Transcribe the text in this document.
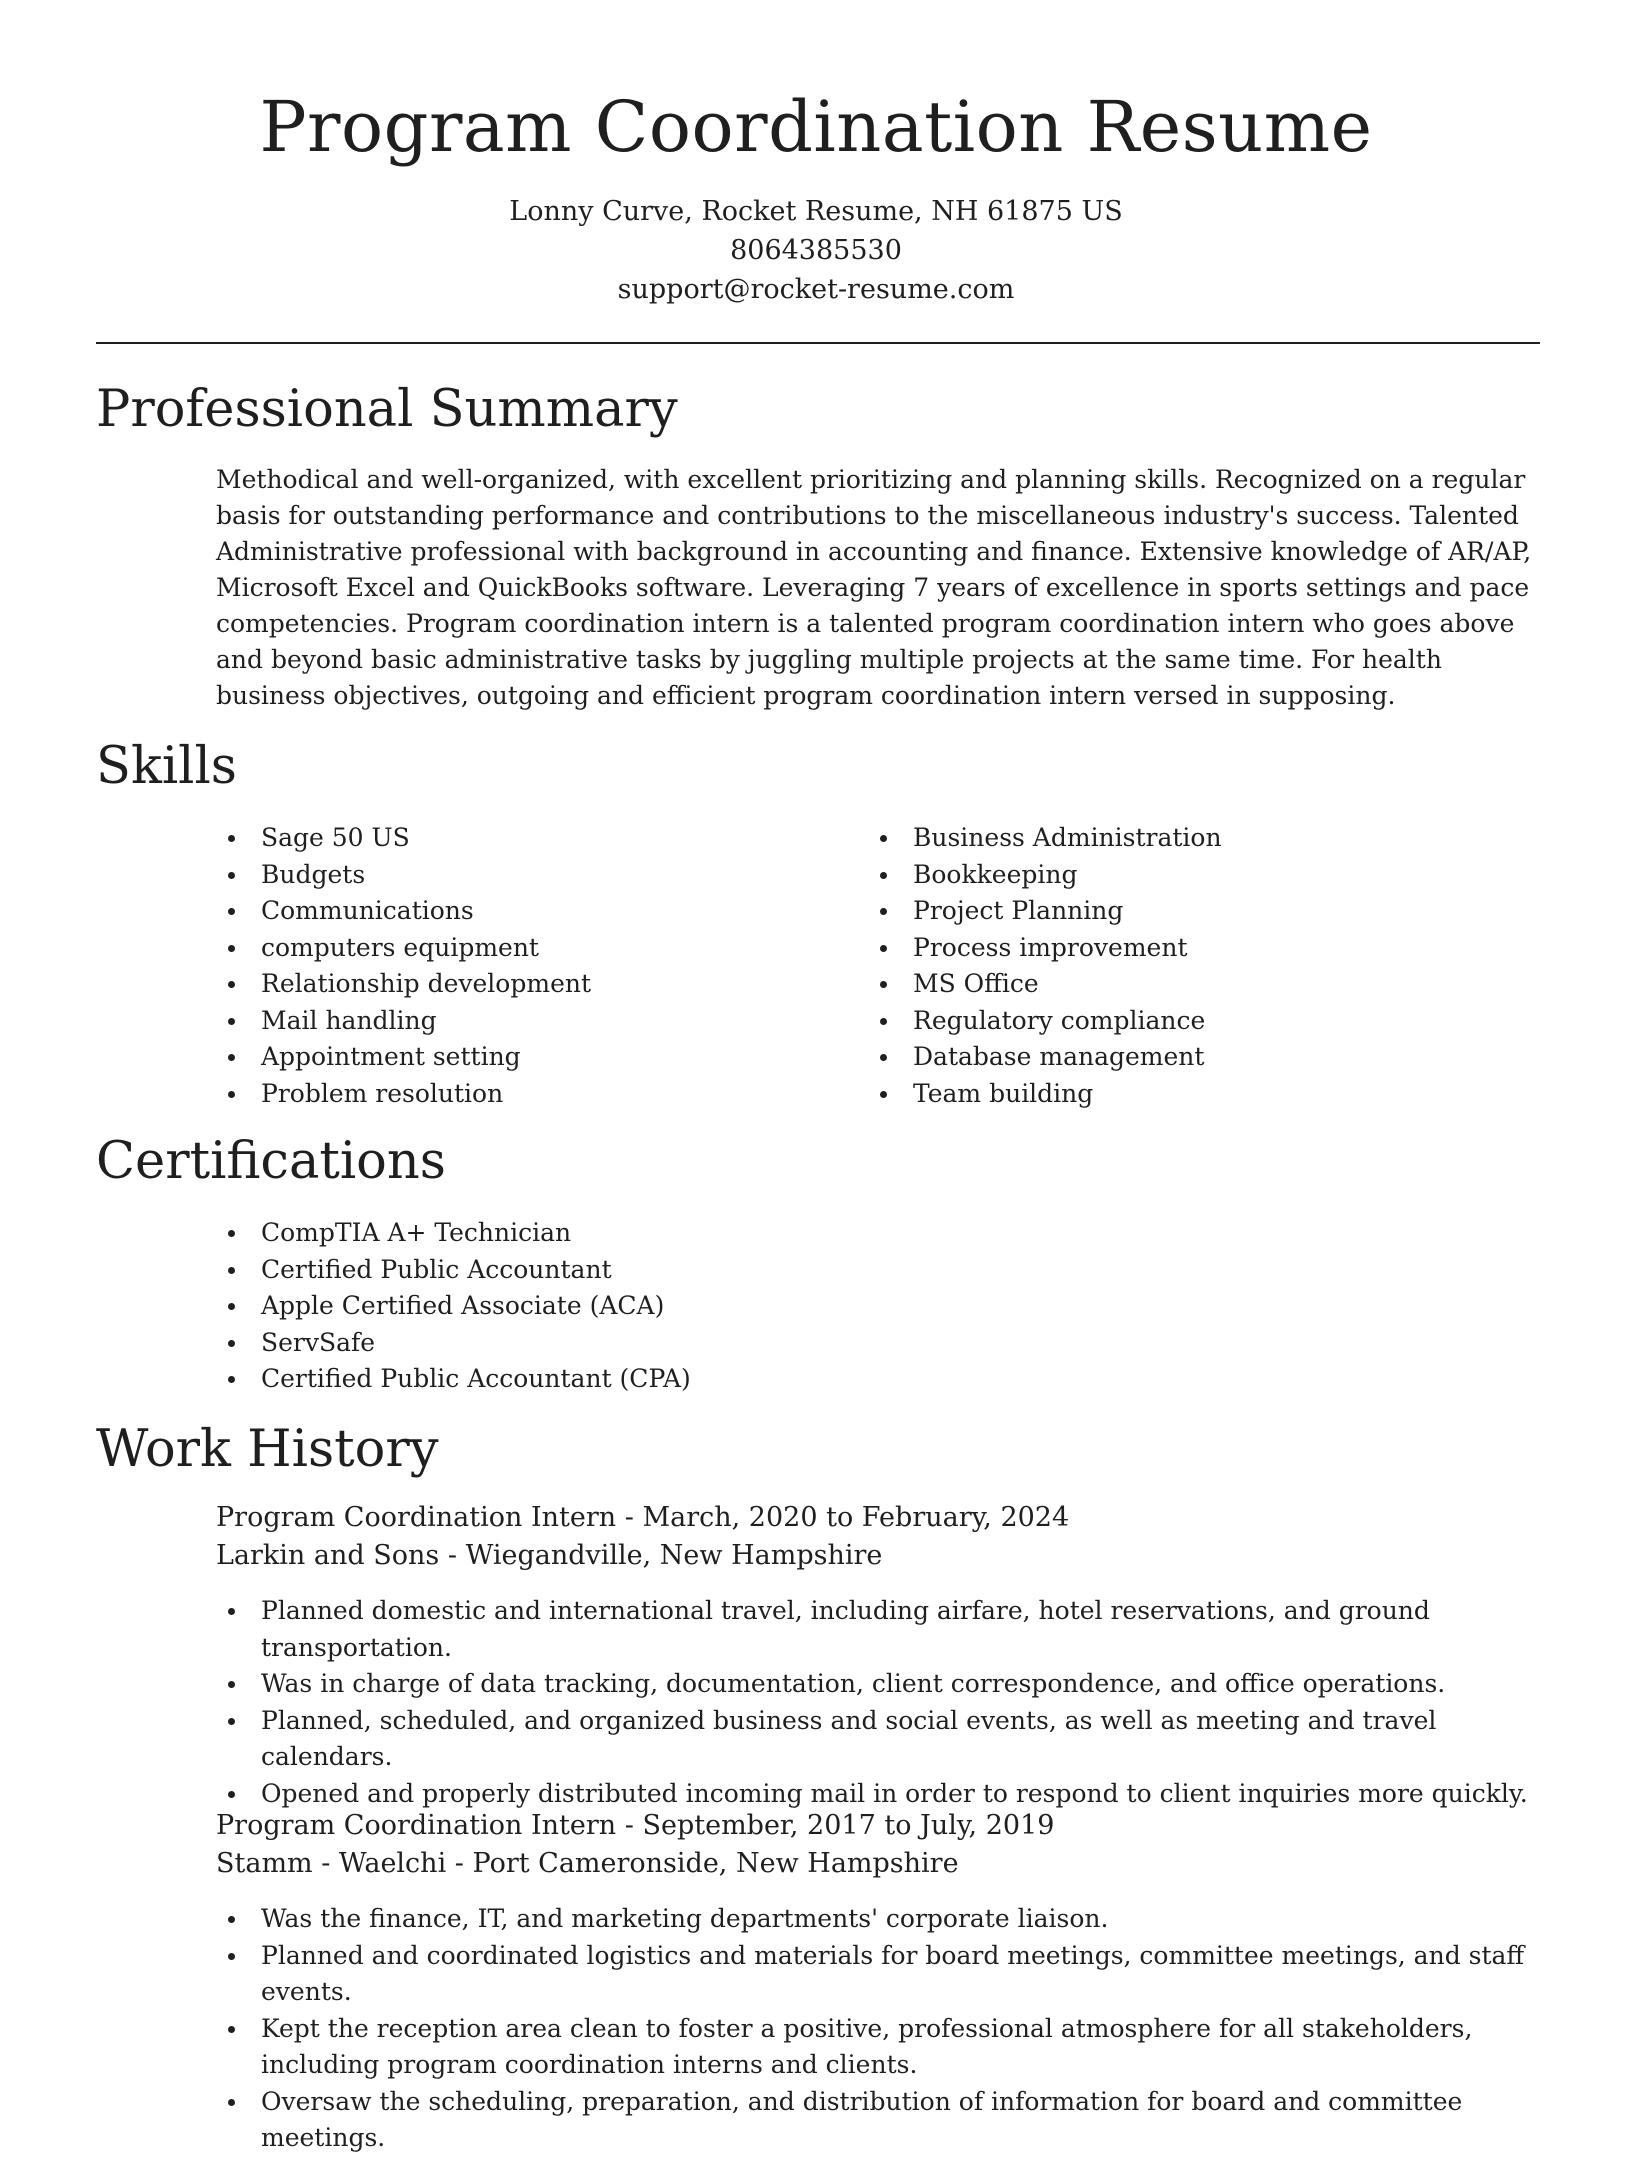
Program Coordination Resume
Lonny Curve, Rocket Resume, NH 61875 US
8064385530
support@rocket-resume.com
Professional Summary

Methodical and well-organized, with excellent prioritizing and planning skills. Recognized on a regular basis for outstanding performance and contributions to the miscellaneous industry's success. Talented Administrative professional with background in accounting and finance. Extensive knowledge of AR/AP, Microsoft Excel and QuickBooks software. Leveraging 7 years of excellence in sports settings and pace competencies. Program coordination intern is a talented program coordination intern who goes above and beyond basic administrative tasks by juggling multiple projects at the same time. For health business objectives, outgoing and efficient program coordination intern versed in supposing.

Skills
Sage 50 US
Budgets
Communications
computers equipment
Relationship development
Mail handling
Appointment setting
Problem resolution
Business Administration
Bookkeeping
Project Planning
Process improvement
MS Office
Regulatory compliance
Database management
Team building
Certifications
CompTIA A+ Technician
Certified Public Accountant
Apple Certified Associate (ACA)
ServSafe
Certified Public Accountant (CPA)
Work History
Program Coordination Intern - March, 2020 to February, 2024
Larkin and Sons - Wiegandville, New Hampshire
Planned domestic and international travel, including airfare, hotel reservations, and ground transportation.
Was in charge of data tracking, documentation, client correspondence, and office operations.
Planned, scheduled, and organized business and social events, as well as meeting and travel calendars.
Opened and properly distributed incoming mail in order to respond to client inquiries more quickly.
Program Coordination Intern - September, 2017 to July, 2019
Stamm - Waelchi - Port Cameronside, New Hampshire
Was the finance, IT, and marketing departments' corporate liaison.
Planned and coordinated logistics and materials for board meetings, committee meetings, and staff events.
Kept the reception area clean to foster a positive, professional atmosphere for all stakeholders, including program coordination interns and clients.
Oversaw the scheduling, preparation, and distribution of information for board and committee meetings.
